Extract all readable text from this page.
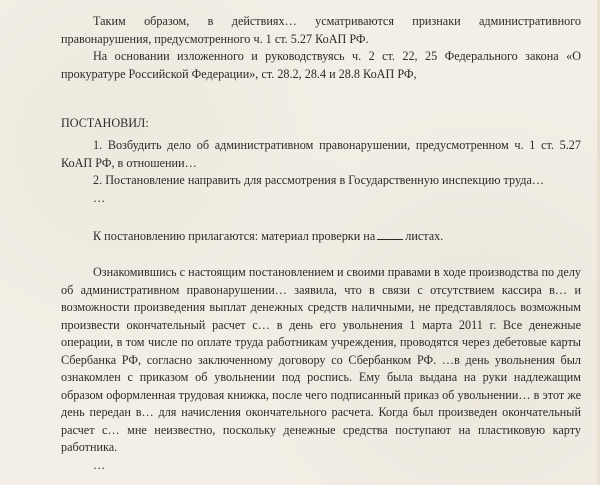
Таким образом, в действиях… усматриваются признаки административного правонарушения, предусмотренного ч. 1 ст. 5.27 КоАП РФ.

На основании изложенного и руководствуясь ч. 2 ст. 22, 25 Федерального закона «О прокуратуре Российской Федерации», ст. 28.2, 28.4 и 28.8 КоАП РФ,

ПОСТАНОВИЛ:

1. Возбудить дело об административном правонарушении, предусмотренном ч. 1 ст. 5.27 КоАП РФ, в отношении…

2. Постановление направить для рассмотрения в Государственную инспекцию труда…

…

К постановлению прилагаются: материал проверки на листах.

Ознакомившись с настоящим постановлением и своими правами в ходе производства по делу об административном правонарушении… заявила, что в связи с отсутствием кассира в… и возможности произведения выплат денежных средств наличными, не представлялось возможным произвести окончательный расчет с… в день его увольнения 1 марта 2011 г. Все денежные операции, в том числе по оплате труда работникам учреждения, проводятся через дебетовые карты Сбербанка РФ, согласно заключенному договору со Сбербанком РФ. …в день увольнения был ознакомлен с приказом об увольнении под роспись. Ему была выдана на руки надлежащим образом оформленная трудовая книжка, после чего подписанный приказ об увольнении… в этот же день передан в… для начисления окончательного расчета. Когда был произведен окончательный расчет с… мне неизвестно, поскольку денежные средства поступают на пластиковую карту работника.

…
